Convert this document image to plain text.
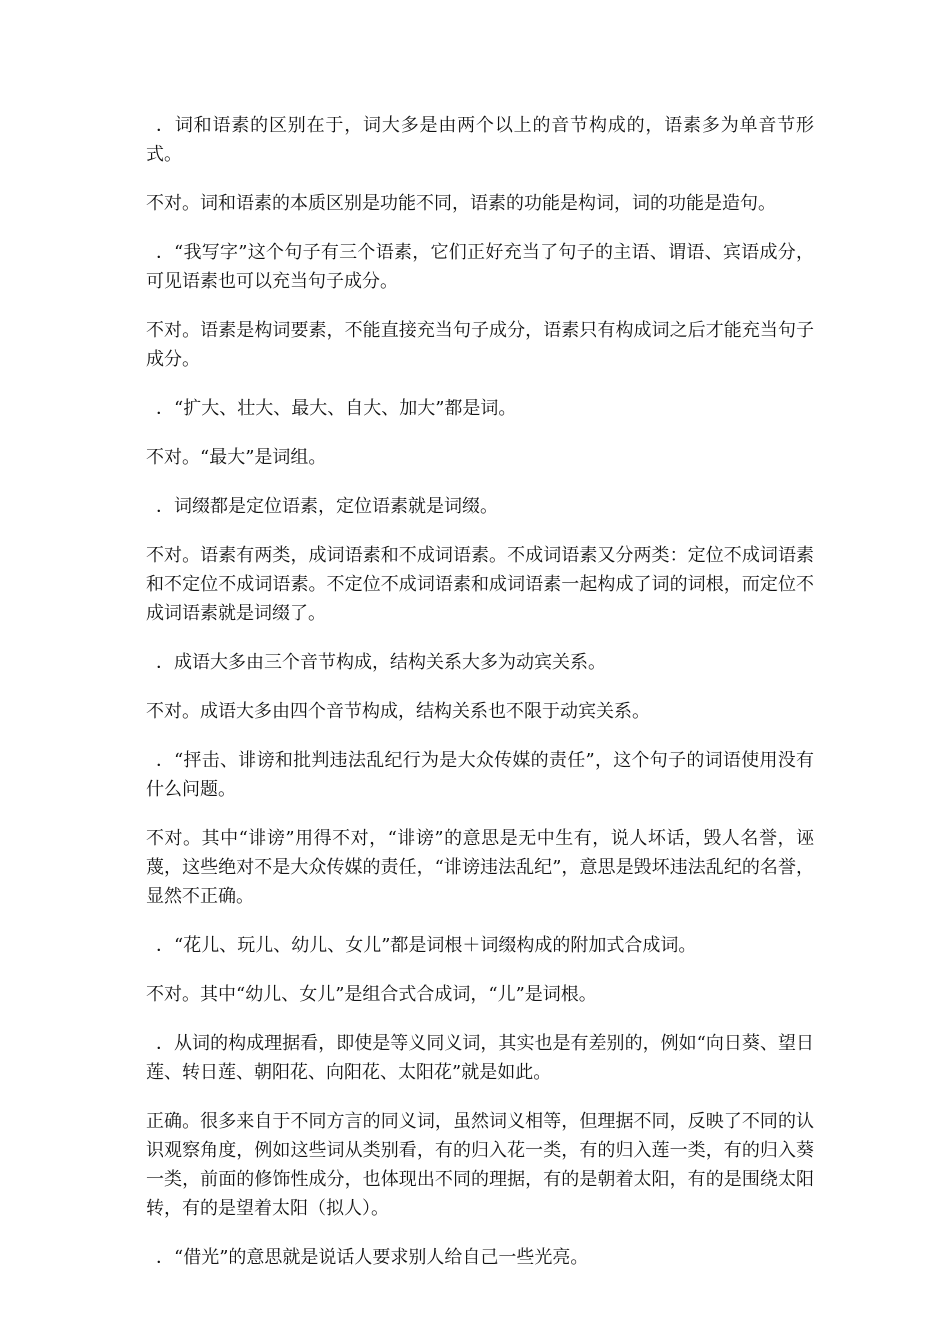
．词和语素的区别在于，词大多是由两个以上的音节构成的，语素多为单音节形式。

不对。词和语素的本质区别是功能不同，语素的功能是构词，词的功能是造句。

．“我写字”这个句子有三个语素，它们正好充当了句子的主语、谓语、宾语成分，可见语素也可以充当句子成分。

不对。语素是构词要素，不能直接充当句子成分，语素只有构成词之后才能充当句子成分。

．“扩大、壮大、最大、自大、加大”都是词。

不对。“最大”是词组。

．词缀都是定位语素，定位语素就是词缀。

不对。语素有两类，成词语素和不成词语素。不成词语素又分两类：定位不成词语素和不定位不成词语素。不定位不成词语素和成词语素一起构成了词的词根，而定位不成词语素就是词缀了。

．成语大多由三个音节构成，结构关系大多为动宾关系。

不对。成语大多由四个音节构成，结构关系也不限于动宾关系。

．“抨击、诽谤和批判违法乱纪行为是大众传媒的责任”，这个句子的词语使用没有什么问题。

不对。其中“诽谤”用得不对，“诽谤”的意思是无中生有，说人坏话，毁人名誉，诬蔑，这些绝对不是大众传媒的责任，“诽谤违法乱纪”，意思是毁坏违法乱纪的名誉，显然不正确。

．“花儿、玩儿、幼儿、女儿”都是词根＋词缀构成的附加式合成词。

不对。其中“幼儿、女儿”是组合式合成词，“儿”是词根。

．从词的构成理据看，即使是等义同义词，其实也是有差别的，例如“向日葵、望日莲、转日莲、朝阳花、向阳花、太阳花”就是如此。

正确。很多来自于不同方言的同义词，虽然词义相等，但理据不同，反映了不同的认识观察角度，例如这些词从类别看，有的归入花一类，有的归入莲一类，有的归入葵一类，前面的修饰性成分，也体现出不同的理据，有的是朝着太阳，有的是围绕太阳转，有的是望着太阳（拟人）。

．“借光”的意思就是说话人要求别人给自己一些光亮。
